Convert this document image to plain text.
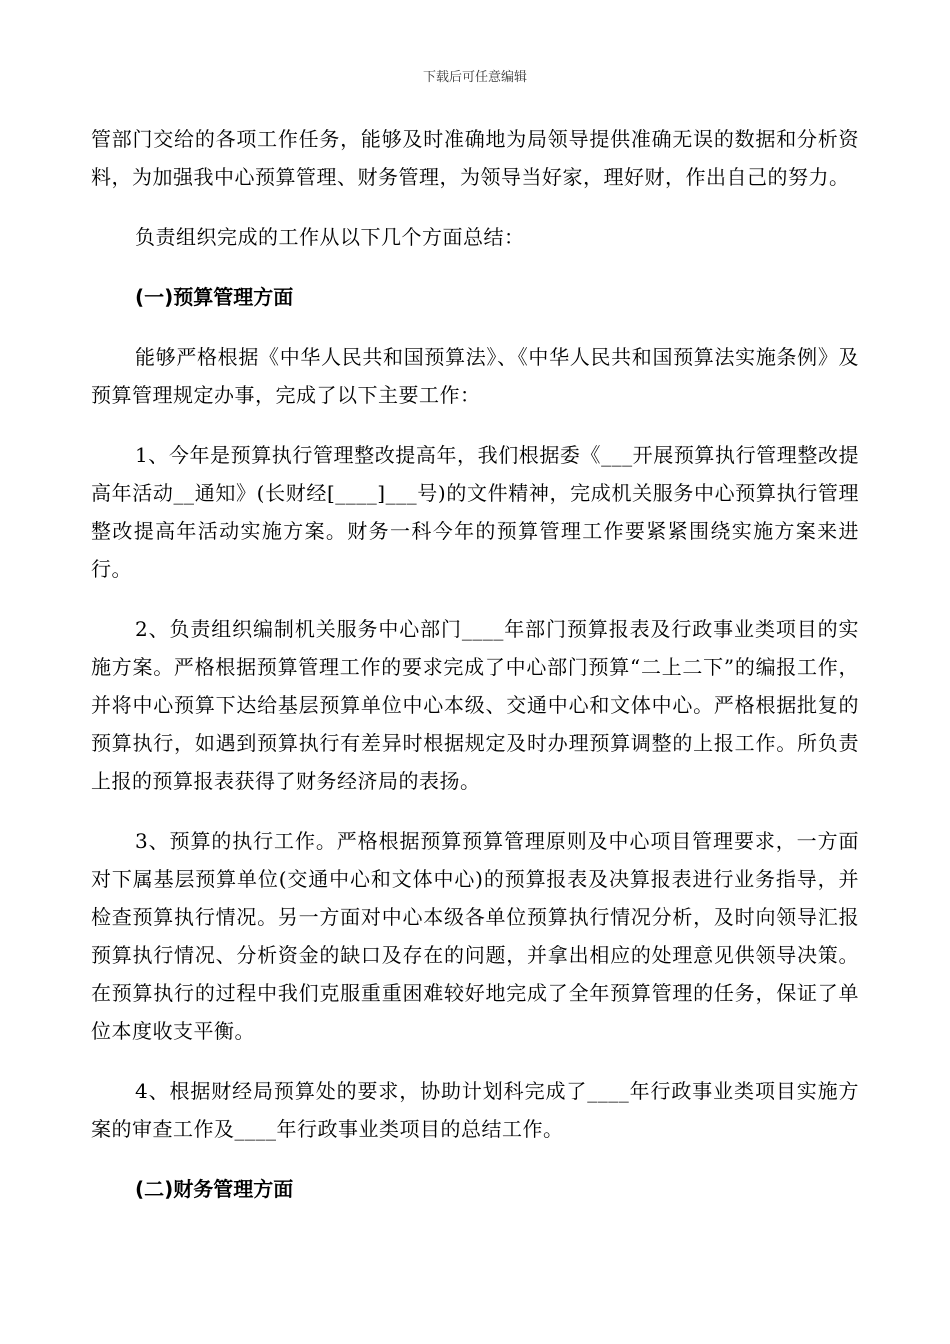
下载后可任意编辑

管部门交给的各项工作任务，能够及时准确地为局领导提供准确无误的数据和分析资料，为加强我中心预算管理、财务管理，为领导当好家，理好财，作出自己的努力。

负责组织完成的工作从以下几个方面总结：

(一)预算管理方面

能够严格根据《中华人民共和国预算法》、《中华人民共和国预算法实施条例》及预算管理规定办事，完成了以下主要工作：

1、今年是预算执行管理整改提高年，我们根据委《___开展预算执行管理整改提高年活动__通知》(长财经[____]___号)的文件精神，完成机关服务中心预算执行管理整改提高年活动实施方案。财务一科今年的预算管理工作要紧紧围绕实施方案来进行。

2、负责组织编制机关服务中心部门____年部门预算报表及行政事业类项目的实施方案。严格根据预算管理工作的要求完成了中心部门预算“二上二下”的编报工作，并将中心预算下达给基层预算单位中心本级、交通中心和文体中心。严格根据批复的预算执行，如遇到预算执行有差异时根据规定及时办理预算调整的上报工作。所负责上报的预算报表获得了财务经济局的表扬。

3、预算的执行工作。严格根据预算预算管理原则及中心项目管理要求，一方面对下属基层预算单位(交通中心和文体中心)的预算报表及决算报表进行业务指导，并检查预算执行情况。另一方面对中心本级各单位预算执行情况分析，及时向领导汇报预算执行情况、分析资金的缺口及存在的问题，并拿出相应的处理意见供领导决策。在预算执行的过程中我们克服重重困难较好地完成了全年预算管理的任务，保证了单位本度收支平衡。

4、根据财经局预算处的要求，协助计划科完成了____年行政事业类项目实施方案的审查工作及____年行政事业类项目的总结工作。

(二)财务管理方面
